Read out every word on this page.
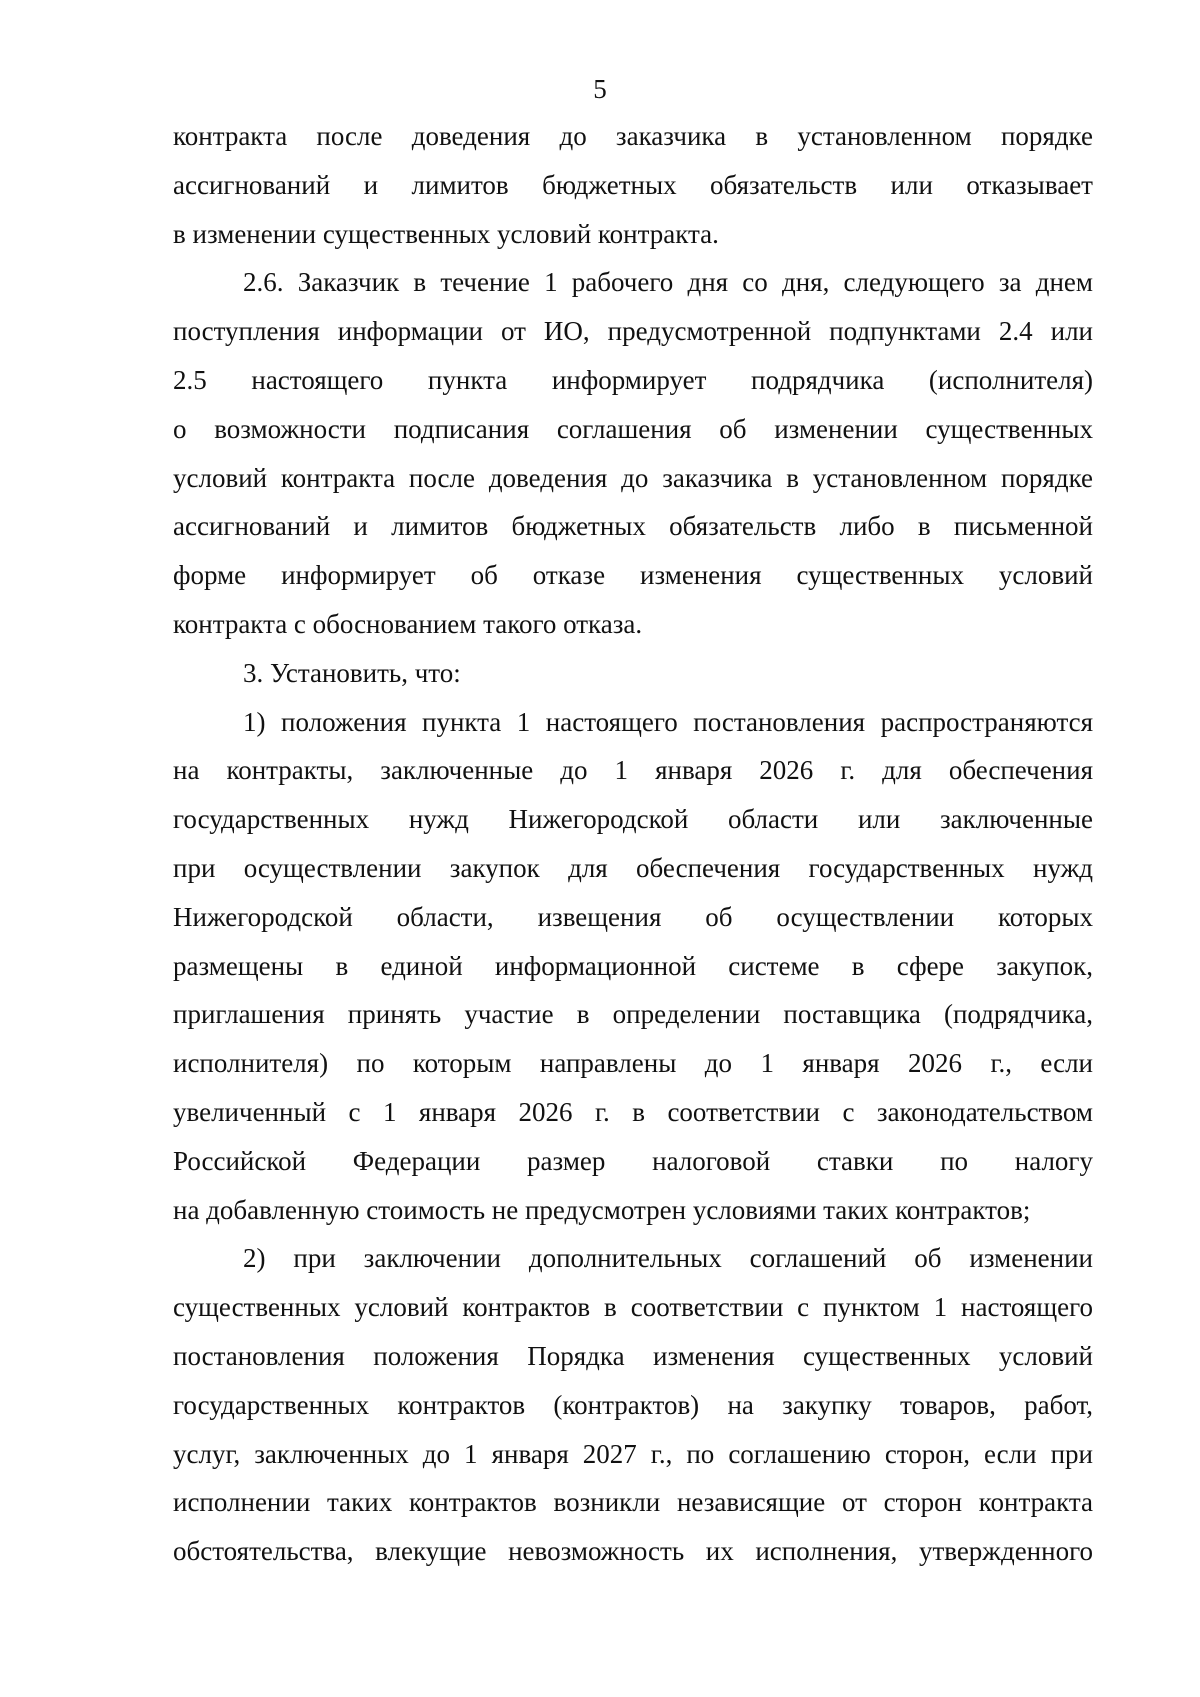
5
контракта после доведения до заказчика в установленном порядке
ассигнований и лимитов бюджетных обязательств или отказывает
в изменении существенных условий контракта.
2.6. Заказчик в течение 1 рабочего дня со дня, следующего за днем
поступления информации от ИО, предусмотренной подпунктами 2.4 или
2.5 настоящего пункта информирует подрядчика (исполнителя)
о возможности подписания соглашения об изменении существенных
условий контракта после доведения до заказчика в установленном порядке
ассигнований и лимитов бюджетных обязательств либо в письменной
форме информирует об отказе изменения существенных условий
контракта с обоснованием такого отказа.
3. Установить, что:
1) положения пункта 1 настоящего постановления распространяются
на контракты, заключенные до 1 января 2026 г. для обеспечения
государственных нужд Нижегородской области или заключенные
при осуществлении закупок для обеспечения государственных нужд
Нижегородской области, извещения об осуществлении которых
размещены в единой информационной системе в сфере закупок,
приглашения принять участие в определении поставщика (подрядчика,
исполнителя) по которым направлены до 1 января 2026 г., если
увеличенный с 1 января 2026 г. в соответствии с законодательством
Российской Федерации размер налоговой ставки по налогу
на добавленную стоимость не предусмотрен условиями таких контрактов;
2) при заключении дополнительных соглашений об изменении
существенных условий контрактов в соответствии с пунктом 1 настоящего
постановления положения Порядка изменения существенных условий
государственных контрактов (контрактов) на закупку товаров, работ,
услуг, заключенных до 1 января 2027 г., по соглашению сторон, если при
исполнении таких контрактов возникли независящие от сторон контракта
обстоятельства, влекущие невозможность их исполнения, утвержденного
